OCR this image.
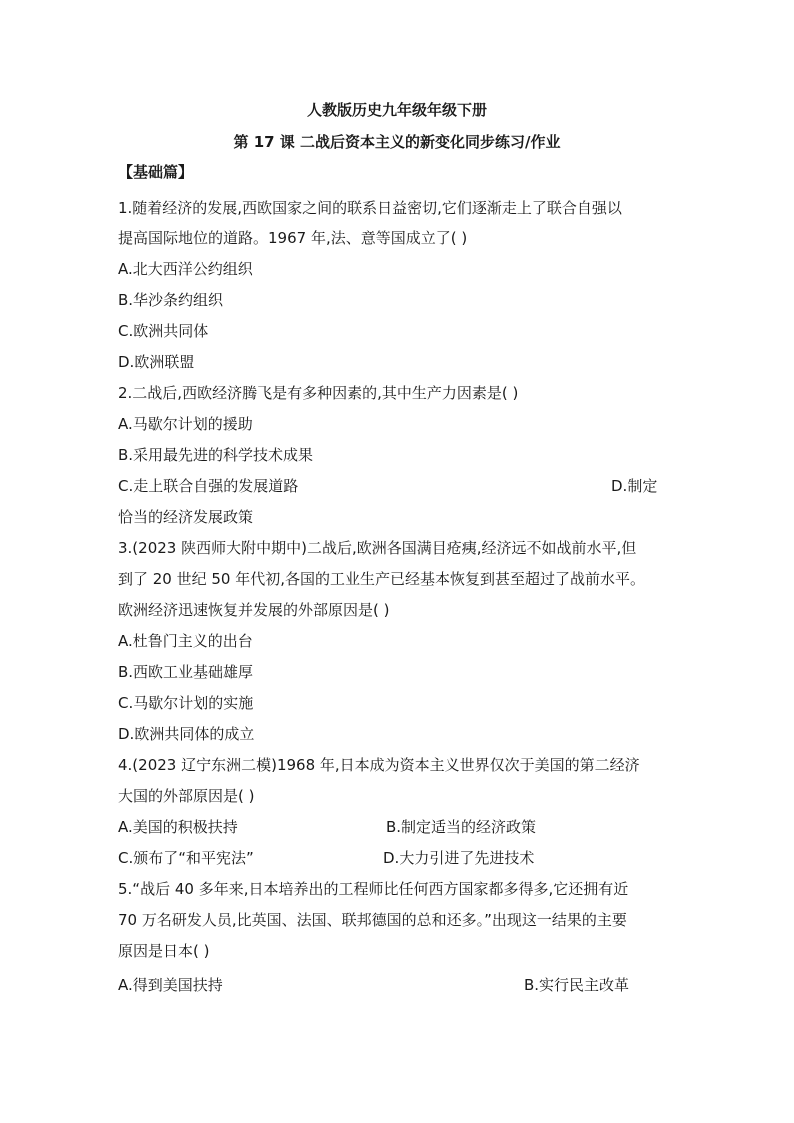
人教版历史九年级年级下册
第 17 课 二战后资本主义的新变化同步练习/作业
【基础篇】
1.随着经济的发展,西欧国家之间的联系日益密切,它们逐渐走上了联合自强以
提高国际地位的道路。1967 年,法、意等国成立了( )
A.北大西洋公约组织
B.华沙条约组织
C.欧洲共同体
D.欧洲联盟
2.二战后,西欧经济腾飞是有多种因素的,其中生产力因素是( )
A.马歇尔计划的援助
B.采用最先进的科学技术成果
C.走上联合自强的发展道路	D.制定
恰当的经济发展政策
3.(2023 陕西师大附中期中)二战后,欧洲各国满目疮痍,经济远不如战前水平,但
到了 20 世纪 50 年代初,各国的工业生产已经基本恢复到甚至超过了战前水平。
欧洲经济迅速恢复并发展的外部原因是( )
A.杜鲁门主义的出台
B.西欧工业基础雄厚
C.马歇尔计划的实施
D.欧洲共同体的成立
4.(2023 辽宁东洲二模)1968 年,日本成为资本主义世界仅次于美国的第二经济
大国的外部原因是( )
A.美国的积极扶持	B.制定适当的经济政策
C.颁布了“和平宪法”	D.大力引进了先进技术
5.“战后 40 多年来,日本培养出的工程师比任何西方国家都多得多,它还拥有近
70 万名研发人员,比英国、法国、联邦德国的总和还多。”出现这一结果的主要
原因是日本( )
A.得到美国扶持	B.实行民主改革
